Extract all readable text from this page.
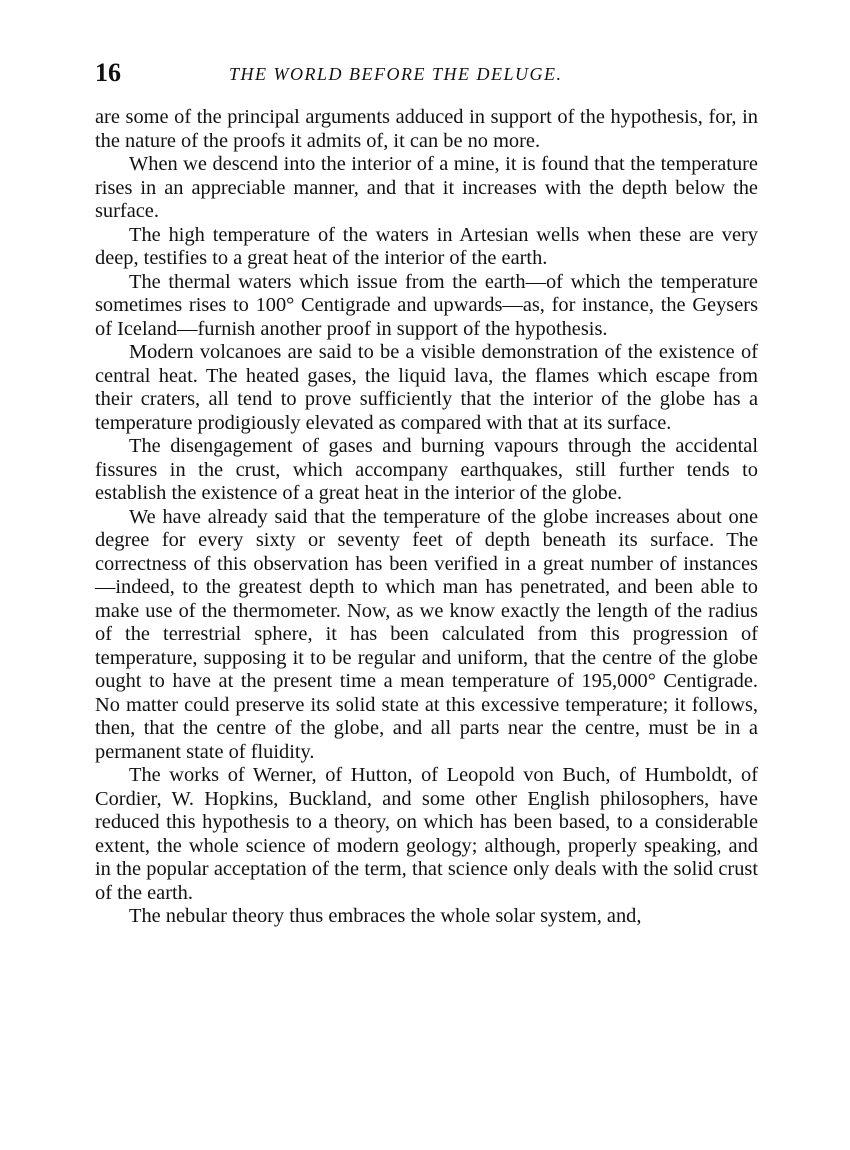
16	THE WORLD BEFORE THE DELUGE.

are some of the principal arguments adduced in support of the hypothesis, for, in the nature of the proofs it admits of, it can be no more.

When we descend into the interior of a mine, it is found that the temperature rises in an appreciable manner, and that it increases with the depth below the surface.

The high temperature of the waters in Artesian wells when these are very deep, testifies to a great heat of the interior of the earth.

The thermal waters which issue from the earth—of which the temperature sometimes rises to 100° Centigrade and upwards—as, for instance, the Geysers of Iceland—furnish another proof in support of the hypothesis.

Modern volcanoes are said to be a visible demonstration of the existence of central heat. The heated gases, the liquid lava, the flames which escape from their craters, all tend to prove sufficiently that the interior of the globe has a temperature prodigiously elevated as compared with that at its surface.

The disengagement of gases and burning vapours through the accidental fissures in the crust, which accompany earthquakes, still further tends to establish the existence of a great heat in the interior of the globe.

We have already said that the temperature of the globe increases about one degree for every sixty or seventy feet of depth beneath its surface. The correctness of this observation has been verified in a great number of instances—indeed, to the greatest depth to which man has penetrated, and been able to make use of the thermometer. Now, as we know exactly the length of the radius of the terrestrial sphere, it has been calculated from this progression of temperature, supposing it to be regular and uniform, that the centre of the globe ought to have at the present time a mean temperature of 195,000° Centigrade. No matter could preserve its solid state at this excessive temperature; it follows, then, that the centre of the globe, and all parts near the centre, must be in a permanent state of fluidity.

The works of Werner, of Hutton, of Leopold von Buch, of Humboldt, of Cordier, W. Hopkins, Buckland, and some other English philosophers, have reduced this hypothesis to a theory, on which has been based, to a considerable extent, the whole science of modern geology; although, properly speaking, and in the popular acceptation of the term, that science only deals with the solid crust of the earth.

The nebular theory thus embraces the whole solar system, and,
